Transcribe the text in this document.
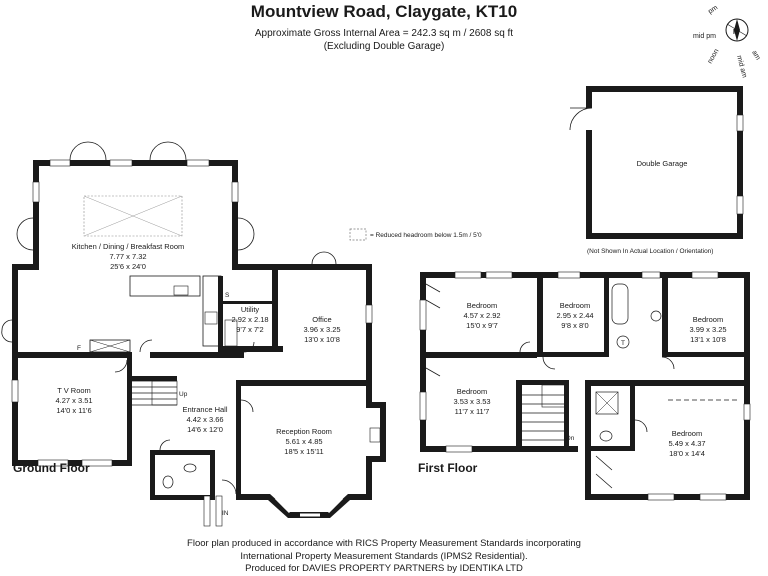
Mountview Road, Claygate, KT10
Approximate Gross Internal Area = 242.3 sq m / 2608 sq ft
(Excluding Double Garage)
N
pm
mid pm
noon	am
mid am
= Reduced headroom below 1.5m / 5'0
Double Garage
(Not Shown In Actual Location / Orientation)
Kitchen / Dining / Breakfast Room
7.77 x 7.32
25'6 x 24'0
Utility
2.92 x 2.18
9'7 x 7'2
Office
3.96 x 3.25
13'0 x 10'8
T V Room
4.27 x 3.51
14'0 x 11'6	Entrance Hall
4.42 x 3.66
14'6 x 12'0	Reception Room
5.61 x 4.85
18'5 x 15'11
Up
IN
F
S
Bedroom
4.57 x 2.92
15'0 x 9'7
Bedroom
2.95 x 2.44
9'8 x 8'0
Bedroom
3.99 x 3.25
13'1 x 10'8
Bedroom
3.53 x 3.53
11'7 x 11'7
Bedroom
5.49 x 4.37
18'0 x 14'4
Dn
T
Ground Floor	First Floor
Floor plan produced in accordance with RICS Property Measurement Standards incorporating
International Property Measurement Standards (IPMS2 Residential).
Produced for DAVIES PROPERTY PARTNERS by IDENTIKA LTD
